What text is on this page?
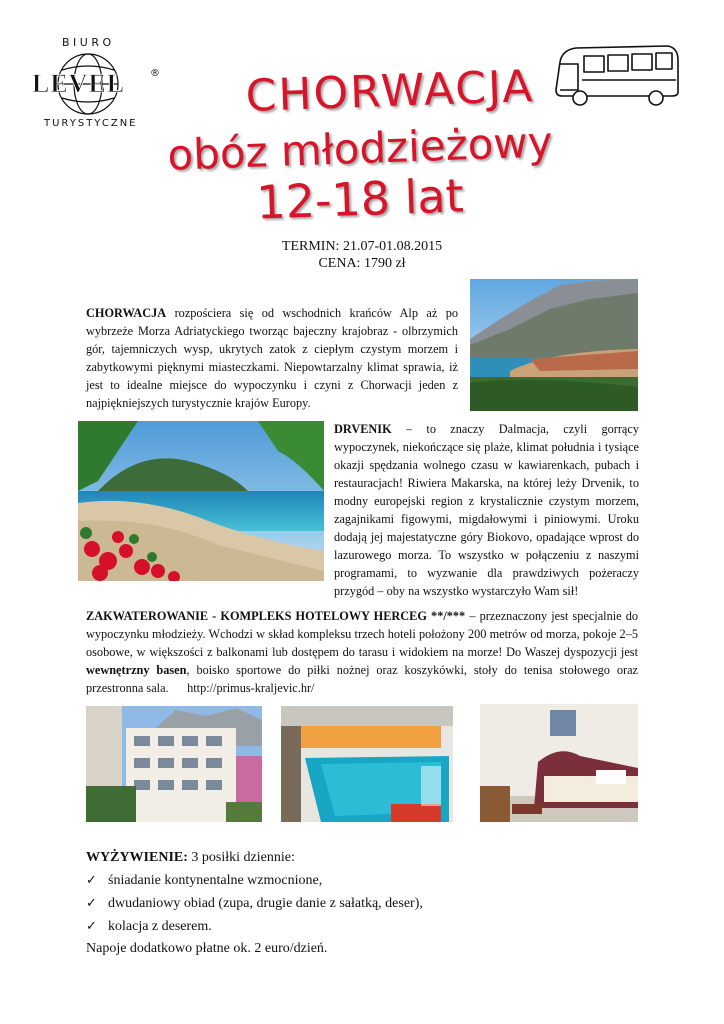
B I U R O
LEVEL ®
TURYSTYCZNE
CHORWACJA
obóz młodzieżowy
12-18 lat
TERMIN: 21.07-01.08.2015
CENA: 1790 zł
CHORWACJA rozpościera się od wschodnich krańców Alp aż po wybrzeże Morza Adriatyckiego tworząc bajeczny krajobraz - olbrzymich gór, tajemniczych wysp, ukrytych zatok z ciepłym czystym morzem i zabytkowymi pięknymi miasteczkami. Niepowtarzalny klimat sprawia, iż jest to idealne miejsce do wypoczynku i czyni z Chorwacji jeden z najpiękniejszych turystycznie krajów Europy.
DRVENIK – to znaczy Dalmacja, czyli gorrący wypoczynek, niekończące się plaże, klimat południa i tysiące okazji spędzania wolnego czasu w kawiarenkach, pubach i restauracjach! Riwiera Makarska, na której leży Drvenik, to modny europejski region z krystalicznie czystym morzem, zagajnikami figowymi, migdałowymi i piniowymi. Uroku dodają jej majestatyczne góry Biokovo, opadające wprost do lazurowego morza. To wszystko w połączeniu z naszymi programami, to wyzwanie dla prawdziwych pożeraczy przygód – oby na wszystko wystarczyło Wam sił!
ZAKWATEROWANIE - KOMPLEKS HOTELOWY HERCEG **/*** – przeznaczony jest specjalnie do wypoczynku młodzieży. Wchodzi w skład kompleksu trzech hoteli położony 200 metrów od morza, pokoje 2–5 osobowe, w większości z balkonami lub dostępem do tarasu i widokiem na morze! Do Waszej dyspozycji jest wewnętrzny basen, boisko sportowe do piłki nożnej oraz koszykówki, stoły do tenisa stołowego oraz przestronna sala. http://primus-kraljevic.hr/
WYŻYWIENIE: 3 posiłki dziennie:
✓ śniadanie kontynentalne wzmocnione,
✓ dwudaniowy obiad (zupa, drugie danie z sałatką, deser),
✓ kolacja z deserem.
Napoje dodatkowo płatne ok. 2 euro/dzień.
